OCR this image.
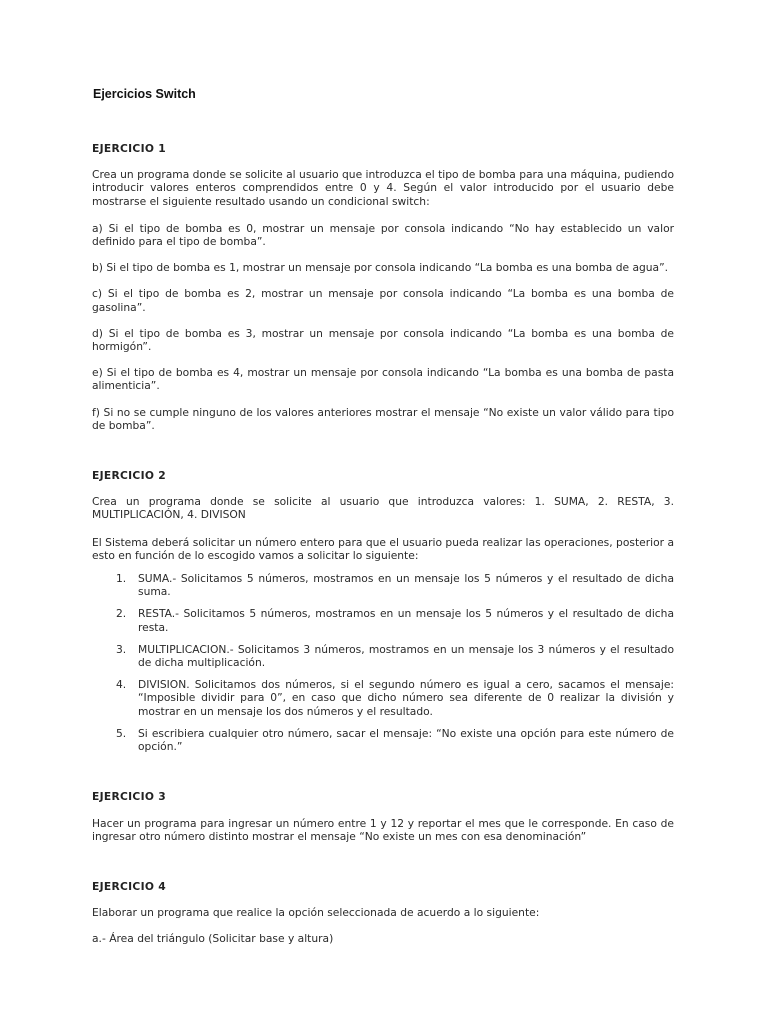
Ejercicios Switch
EJERCICIO 1
Crea un programa donde se solicite al usuario que introduzca el tipo de bomba para una máquina, pudiendo introducir valores enteros comprendidos entre 0 y 4. Según el valor introducido por el usuario debe mostrarse el siguiente resultado usando un condicional switch:
a) Si el tipo de bomba es 0, mostrar un mensaje por consola indicando “No hay establecido un valor definido para el tipo de bomba”.
b) Si el tipo de bomba es 1, mostrar un mensaje por consola indicando “La bomba es una bomba de agua”.
c) Si el tipo de bomba es 2, mostrar un mensaje por consola indicando “La bomba es una bomba de gasolina”.
d) Si el tipo de bomba es 3, mostrar un mensaje por consola indicando “La bomba es una bomba de hormigón”.
e) Si el tipo de bomba es 4, mostrar un mensaje por consola indicando “La bomba es una bomba de pasta alimenticia”.
f) Si no se cumple ninguno de los valores anteriores mostrar el mensaje “No existe un valor válido para tipo de bomba”.
EJERCICIO 2
Crea un programa donde se solicite al usuario que introduzca valores: 1. SUMA, 2. RESTA, 3. MULTIPLICACIÓN, 4. DIVISON
El Sistema deberá solicitar un número entero para que el usuario pueda realizar las operaciones, posterior a esto en función de lo escogido vamos a solicitar lo siguiente:
1. SUMA.- Solicitamos 5 números, mostramos en un mensaje los 5 números y el resultado de dicha suma.
2. RESTA.- Solicitamos 5 números, mostramos en un mensaje los 5 números y el resultado de dicha resta.
3. MULTIPLICACION.- Solicitamos 3 números, mostramos en un mensaje los 3 números y el resultado de dicha multiplicación.
4. DIVISION. Solicitamos dos números, si el segundo número es igual a cero, sacamos el mensaje: “Imposible dividir para 0”, en caso que dicho número sea diferente de 0 realizar la división y mostrar en un mensaje los dos números y el resultado.
5. Si escribiera cualquier otro número, sacar el mensaje: “No existe una opción para este número de opción.”
EJERCICIO 3
Hacer un programa para ingresar un número entre 1 y 12 y reportar el mes que le corresponde. En caso de ingresar otro número distinto mostrar el mensaje “No existe un mes con esa denominación”
EJERCICIO 4
Elaborar un programa que realice la opción seleccionada de acuerdo a lo siguiente:
a.- Área del triángulo (Solicitar base y altura)
